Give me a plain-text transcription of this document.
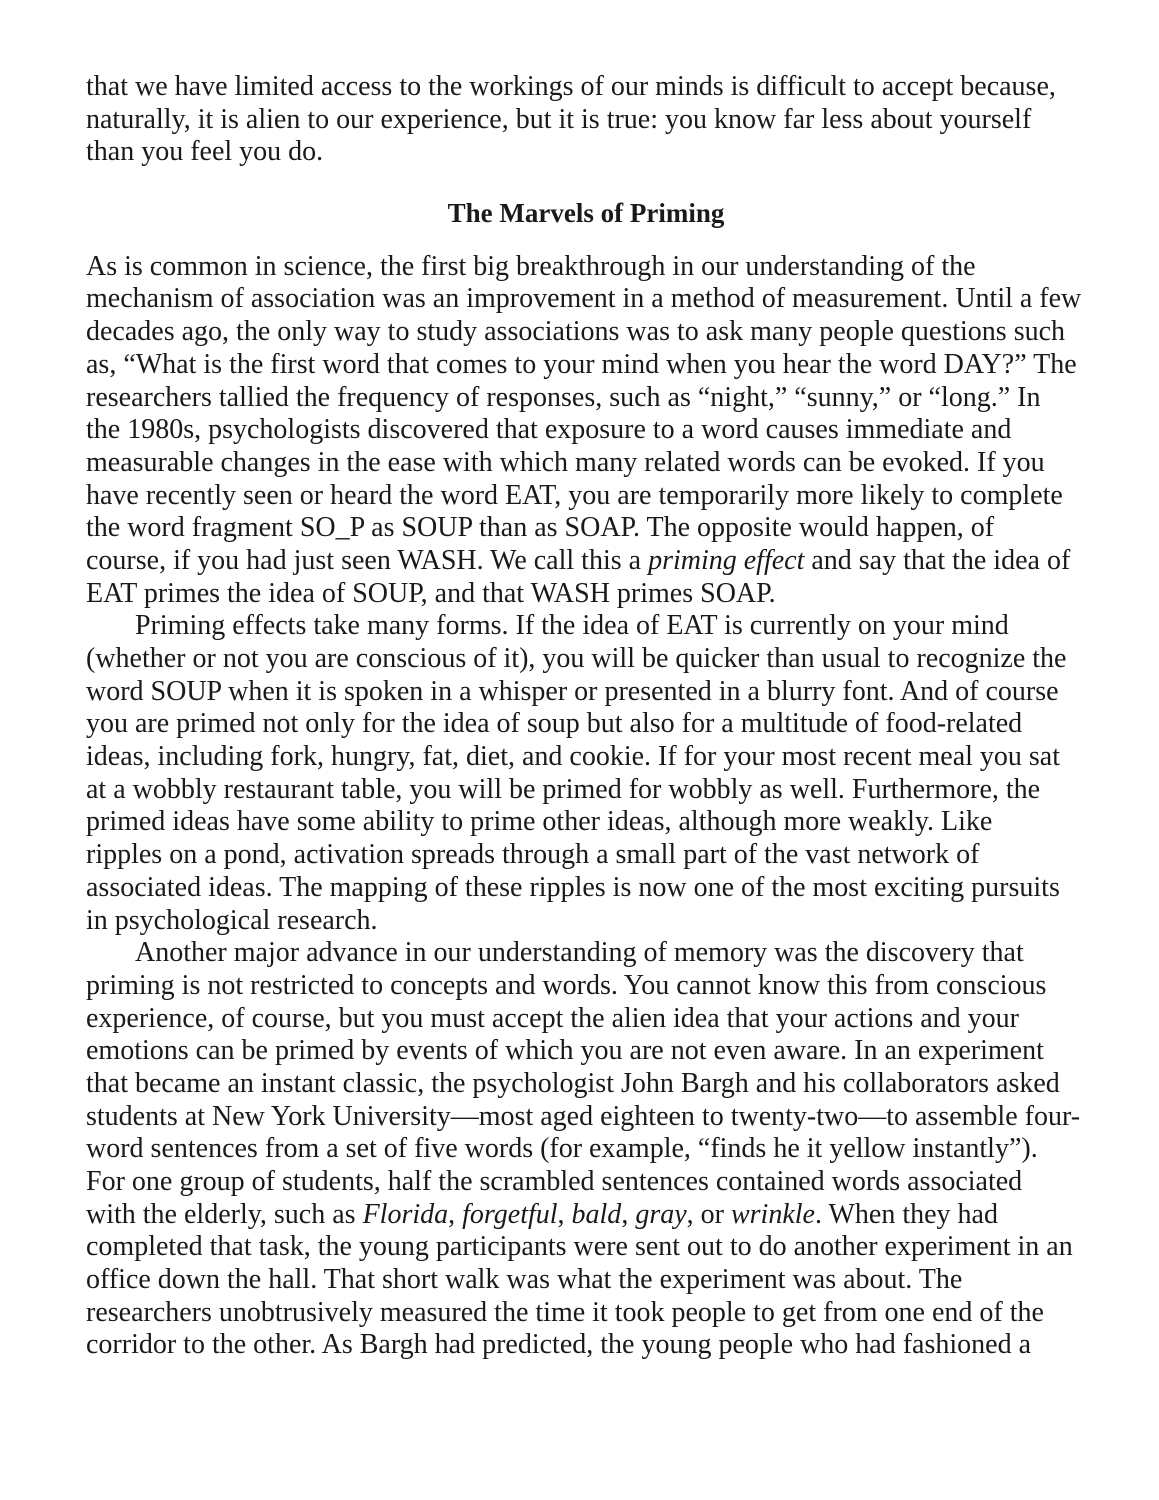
that we have limited access to the workings of our minds is difficult to accept because,
naturally, it is alien to our experience, but it is true: you know far less about yourself
than you feel you do.
The Marvels of Priming
As is common in science, the first big breakthrough in our understanding of the
mechanism of association was an improvement in a method of measurement. Until a few
decades ago, the only way to study associations was to ask many people questions such
as, “What is the first word that comes to your mind when you hear the word DAY?” The
researchers tallied the frequency of responses, such as “night,” “sunny,” or “long.” In
the 1980s, psychologists discovered that exposure to a word causes immediate and
measurable changes in the ease with which many related words can be evoked. If you
have recently seen or heard the word EAT, you are temporarily more likely to complete
the word fragment SO_P as SOUP than as SOAP. The opposite would happen, of
course, if you had just seen WASH. We call this a priming effect and say that the idea of
EAT primes the idea of SOUP, and that WASH primes SOAP.
Priming effects take many forms. If the idea of EAT is currently on your mind
(whether or not you are conscious of it), you will be quicker than usual to recognize the
word SOUP when it is spoken in a whisper or presented in a blurry font. And of course
you are primed not only for the idea of soup but also for a multitude of food-related
ideas, including fork, hungry, fat, diet, and cookie. If for your most recent meal you sat
at a wobbly restaurant table, you will be primed for wobbly as well. Furthermore, the
primed ideas have some ability to prime other ideas, although more weakly. Like
ripples on a pond, activation spreads through a small part of the vast network of
associated ideas. The mapping of these ripples is now one of the most exciting pursuits
in psychological research.
Another major advance in our understanding of memory was the discovery that
priming is not restricted to concepts and words. You cannot know this from conscious
experience, of course, but you must accept the alien idea that your actions and your
emotions can be primed by events of which you are not even aware. In an experiment
that became an instant classic, the psychologist John Bargh and his collaborators asked
students at New York University—most aged eighteen to twenty-two—to assemble four-
word sentences from a set of five words (for example, “finds he it yellow instantly”).
For one group of students, half the scrambled sentences contained words associated
with the elderly, such as Florida, forgetful, bald, gray, or wrinkle. When they had
completed that task, the young participants were sent out to do another experiment in an
office down the hall. That short walk was what the experiment was about. The
researchers unobtrusively measured the time it took people to get from one end of the
corridor to the other. As Bargh had predicted, the young people who had fashioned a
